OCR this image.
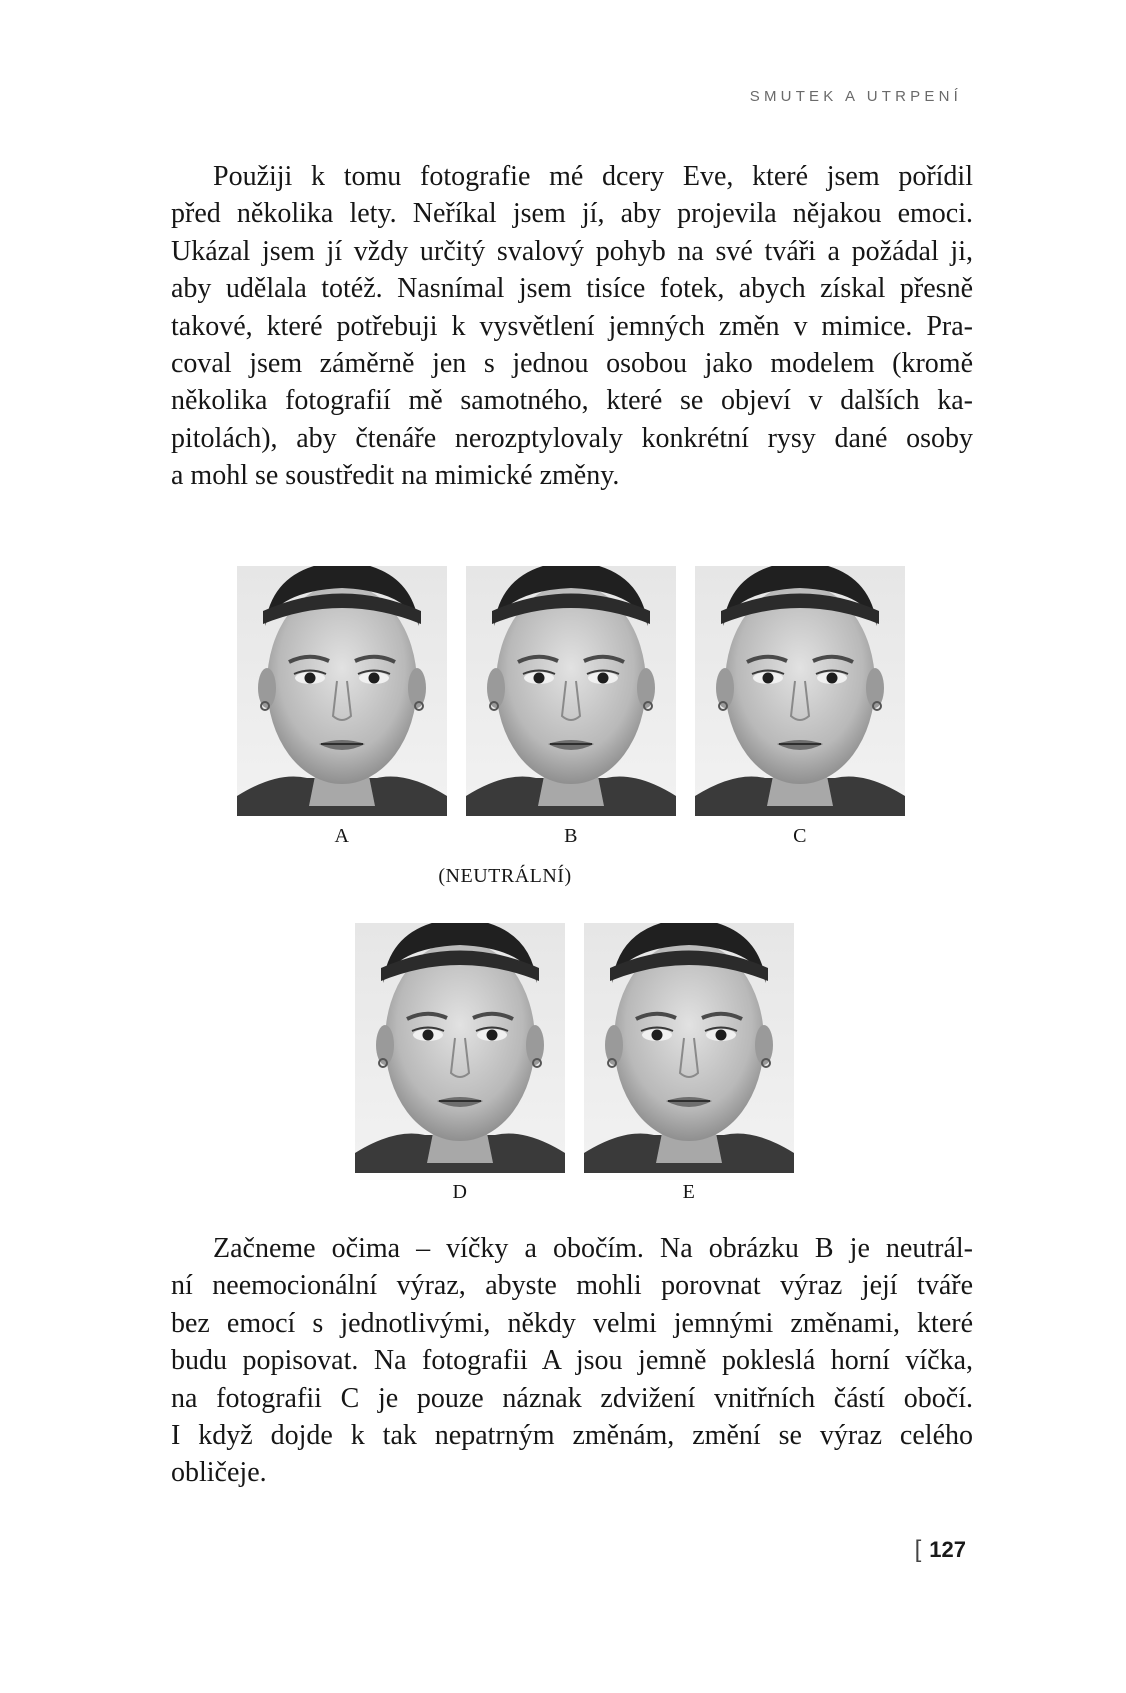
SMUTEK A UTRPENÍ
Použiji k tomu fotografie mé dcery Eve, které jsem pořídil
před několika lety. Neříkal jsem jí, aby projevila nějakou emoci.
Ukázal jsem jí vždy určitý svalový pohyb na své tváři a požádal ji,
aby udělala totéž. Nasnímal jsem tisíce fotek, abych získal přesně
takové, které potřebuji k vysvětlení jemných změn v mimice. Pra-
coval jsem záměrně jen s jednou osobou jako modelem (kromě
několika fotografií mě samotného, které se objeví v dalších ka-
pitolách), aby čtenáře nerozptylovaly konkrétní rysy dané osoby
a mohl se soustředit na mimické změny.
A	B	C
(NEUTRÁLNÍ)
D	E
Začneme očima – víčky a obočím. Na obrázku B je neutrál-
ní neemocionální výraz, abyste mohli porovnat výraz její tváře
bez emocí s jednotlivými, někdy velmi jemnými změnami, které
budu popisovat. Na fotografii A jsou jemně pokleslá horní víčka,
na fotografii C je pouze náznak zdvižení vnitřních částí obočí.
I když dojde k tak nepatrným změnám, změní se výraz celého
obličeje.
[ 127
